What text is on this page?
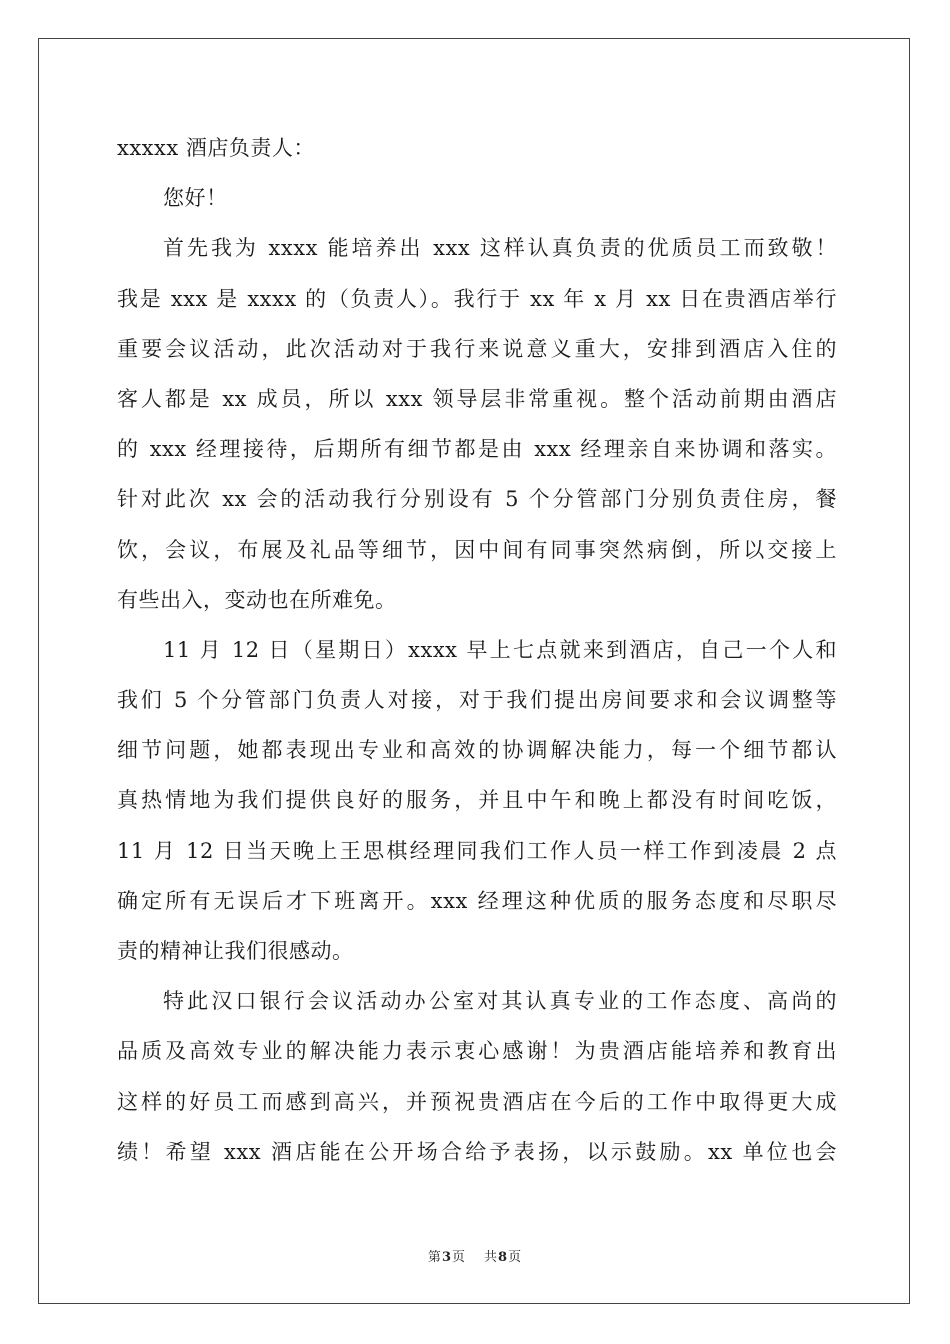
xxxxx 酒店负责人：
您好！
首先我为 xxxx 能培养出 xxx 这样认真负责的优质员工而致敬！
我是 xxx 是 xxxx 的（负责人）。我行于 xx 年 x 月 xx 日在贵酒店举行
重要会议活动，此次活动对于我行来说意义重大，安排到酒店入住的
客人都是 xx 成员，所以 xxx 领导层非常重视。整个活动前期由酒店
的 xxx 经理接待，后期所有细节都是由 xxx 经理亲自来协调和落实。
针对此次 xx 会的活动我行分别设有 5 个分管部门分别负责住房，餐
饮，会议，布展及礼品等细节，因中间有同事突然病倒，所以交接上
有些出入，变动也在所难免。
11 月 12 日（星期日）xxxx 早上七点就来到酒店，自己一个人和
我们 5 个分管部门负责人对接，对于我们提出房间要求和会议调整等
细节问题，她都表现出专业和高效的协调解决能力，每一个细节都认
真热情地为我们提供良好的服务，并且中午和晚上都没有时间吃饭，
11 月 12 日当天晚上王思棋经理同我们工作人员一样工作到凌晨 2 点
确定所有无误后才下班离开。xxx 经理这种优质的服务态度和尽职尽
责的精神让我们很感动。
特此汉口银行会议活动办公室对其认真专业的工作态度、高尚的
品质及高效专业的解决能力表示衷心感谢！为贵酒店能培养和教育出
这样的好员工而感到高兴，并预祝贵酒店在今后的工作中取得更大成
绩！希望 xxx 酒店能在公开场合给予表扬，以示鼓励。xx 单位也会
第3页 共8页
